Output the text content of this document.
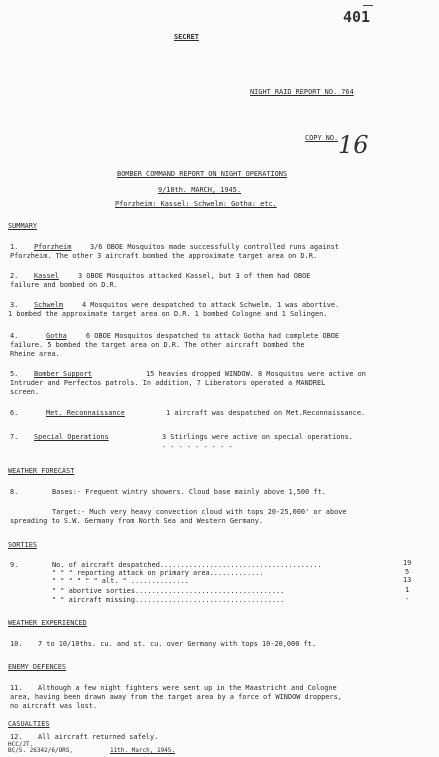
401
SECRET
NIGHT RAID REPORT NO. 764
COPY NO. 16
BOMBER COMMAND REPORT ON NIGHT OPERATIONS
9/10th. MARCH, 1945.
Pforzheim: Kassel: Schwelm: Gotha: etc.
SUMMARY
1. Pforzheim	3/6 OBOE Mosquitos made successfully controlled runs against
Pforzheim. The other 3 aircraft bombed the approximate target area on D.R.
2. Kassel	3 OBOE Mosquitos attacked Kassel, but 3 of them had OBOE
failure and bombed on D.R.
3. Schwelm	4 Mosquitos were despatched to attack Schwelm. 1 was abortive.
1 bombed the approximate target area on D.R. 1 bombed Cologne and 1 Solingen.
4.	Gotha	6 OBOE Mosquitos despatched to attack Gotha had complete OBOE
failure. 5 bombed the target area on D.R. The other aircraft bombed the
Rheine area.
5. Bomber Support	15 heavies dropped WINDOW. 8 Mosquitos were active on
Intruder and Perfectos patrols. In addition, 7 Liberators operated a MANDREL
screen.
6.	Met. Reconnaissance	1 aircraft was despatched on Met.Reconnaissance.
7. Special Operations	3 Stirlings were active on special operations.
- - - - - - - - -
WEATHER FORECAST
8.	Bases:- Frequent wintry showers. Cloud base mainly above 1,500 ft.
Target:- Much very heavy convection cloud with tops 20-25,000' or above
spreading to S.W. Germany from North Sea and Western Germany.
SORTIES
9.	No. of aircraft despatched.......................................	19
" " " reporting attack on primary area.............	5
" " " " " " alt. " ..............	13
" " abortive sorties....................................	1
" " aircraft missing....................................	-
WEATHER EXPERIENCED
10. 7 to 10/10ths. cu. and st. cu. over Germany with tops 10-20,000 ft.
ENEMY DEFENCES
11. Although a few night fighters were sent up in the Maastricht and Cologne
area, having been drawn away from the target area by a force of WINDOW droppers,
no aircraft was lost.
CASUALTIES
12. All aircraft returned safely.
HCC/JT.
BC/S. 26342/6/ORS,	11th. March, 1945.
